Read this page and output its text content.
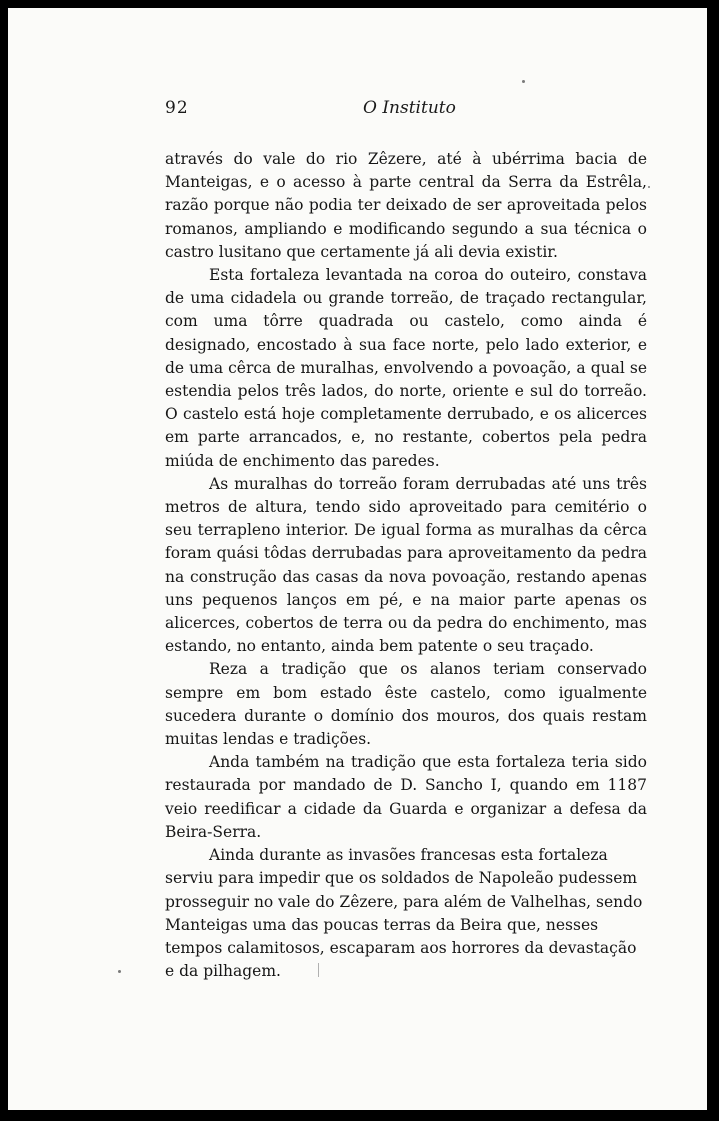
92	O Instituto

através do vale do rio Zêzere, até à ubérrima bacia de Manteigas, e o acesso à parte central da Serra da Estrêla, razão porque não podia ter deixado de ser aproveitada pelos romanos, ampliando e modificando segundo a sua técnica o castro lusitano que certamente já ali devia existir.

Esta fortaleza levantada na coroa do outeiro, constava de uma cidadela ou grande torreão, de traçado rectangular, com uma tôrre quadrada ou castelo, como ainda é designado, encostado à sua face norte, pelo lado exterior, e de uma cêrca de muralhas, envolvendo a povoação, a qual se estendia pelos três lados, do norte, oriente e sul do torreão. O castelo está hoje completamente derrubado, e os alicerces em parte arrancados, e, no restante, cobertos pela pedra miúda de enchimento das paredes.

As muralhas do torreão foram derrubadas até uns três metros de altura, tendo sido aproveitado para cemitério o seu terrapleno interior. De igual forma as muralhas da cêrca foram quási tôdas derrubadas para aproveitamento da pedra na construção das casas da nova povoação, restando apenas uns pequenos lanços em pé, e na maior parte apenas os alicerces, cobertos de terra ou da pedra do enchimento, mas estando, no entanto, ainda bem patente o seu traçado.

Reza a tradição que os alanos teriam conservado sempre em bom estado êste castelo, como igualmente sucedera durante o domínio dos mouros, dos quais restam muitas lendas e tradições.

Anda também na tradição que esta fortaleza teria sido restaurada por mandado de D. Sancho I, quando em 1187 veio reedificar a cidade da Guarda e organizar a defesa da Beira-Serra.

Ainda durante as invasões francesas esta fortaleza serviu para impedir que os soldados de Napoleão pudessem prosseguir no vale do Zêzere, para além de Valhelhas, sendo Manteigas uma das poucas terras da Beira que, nesses tempos calamitosos, escaparam aos horrores da devastação e da pilhagem.
